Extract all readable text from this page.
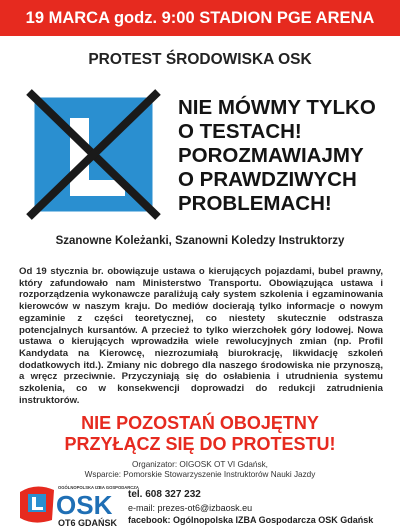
19 MARCA godz. 9:00 STADION PGE ARENA
PROTEST ŚRODOWISKA OSK
NIE MÓWMY TYLKO
O TESTACH!
POROZMAWIAJMY
O PRAWDZIWYCH
PROBLEMACH!
Szanowne Koleżanki, Szanowni Koledzy Instruktorzy
Od 19 stycznia br. obowiązuje ustawa o kierujących pojazdami, bubel prawny, który zafundowało nam Ministerstwo Transportu. Obowiązująca ustawa i rozporządzenia wykonawcze paraliżują cały system szkolenia i egzaminowania kierowców w naszym kraju. Do mediów docierają tylko informacje o nowym egzaminie z części teoretycznej, co niestety skutecznie odstrasza potencjalnych kursantów. A przecież to tylko wierzchołek góry lodowej. Nowa ustawa o kierujących wprowadziła wiele rewolucyjnych zmian (np. Profil Kandydata na Kierowcę, niezrozumiałą biurokrację, likwidację szkoleń dodatkowych itd.). Zmiany nic dobrego dla naszego środowiska nie przynoszą, a wręcz przeciwnie. Przyczyniają się do osłabienia i utrudnienia systemu szkolenia, co w konsekwencji doprowadzi do redukcji zatrudnienia instruktorów.
NIE POZOSTAŃ OBOJĘTNY
PRZYŁĄCZ SIĘ DO PROTESTU!
Organizator: OIGOSK OT VI Gdańsk,
Wsparcie: Pomorskie Stowarzyszenie Instruktorów Nauki Jazdy
OGÓLNOPOLSKA IZBA GOSPODARCZA
OSK
OT6 GDAŃSK
tel. 608 327 232
e-mail: prezes-ot6@izbaosk.eu
facebook: Ogólnopolska IZBA Gospodarcza OSK Gdańsk
